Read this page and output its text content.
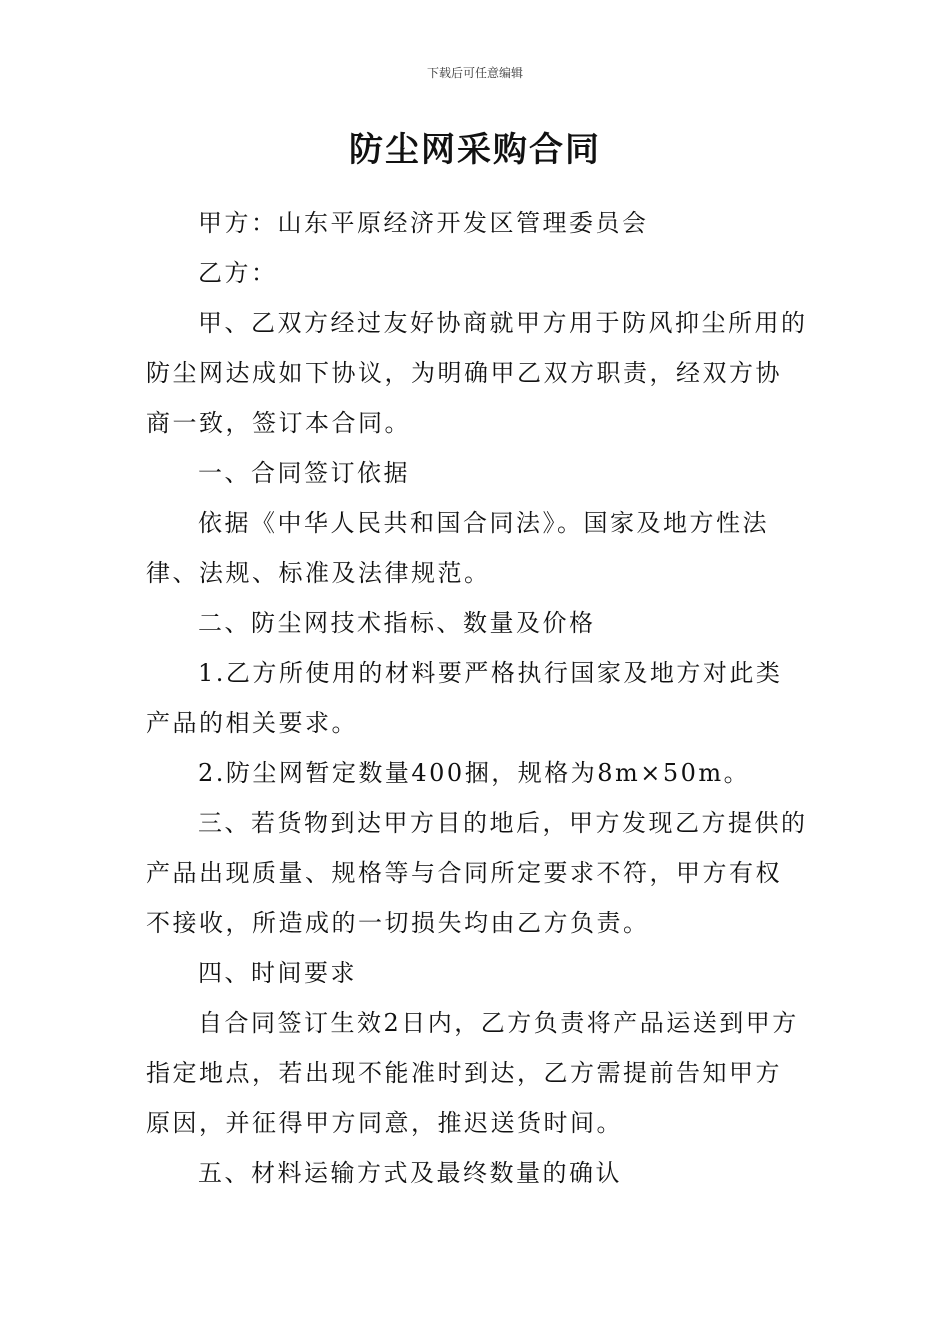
下载后可任意编辑
防尘网采购合同

甲方：山东平原经济开发区管理委员会

乙方：

甲、乙双方经过友好协商就甲方用于防风抑尘所用的防尘网达成如下协议，为明确甲乙双方职责，经双方协商一致，签订本合同。

一、合同签订依据

依据《中华人民共和国合同法》。国家及地方性法律、法规、标准及法律规范。

二、防尘网技术指标、数量及价格

1.乙方所使用的材料要严格执行国家及地方对此类产品的相关要求。

2.防尘网暂定数量400捆，规格为8m×50m。

三、若货物到达甲方目的地后，甲方发现乙方提供的产品出现质量、规格等与合同所定要求不符，甲方有权不接收，所造成的一切损失均由乙方负责。

四、时间要求

自合同签订生效2日内，乙方负责将产品运送到甲方指定地点，若出现不能准时到达，乙方需提前告知甲方原因，并征得甲方同意，推迟送货时间。

五、材料运输方式及最终数量的确认
